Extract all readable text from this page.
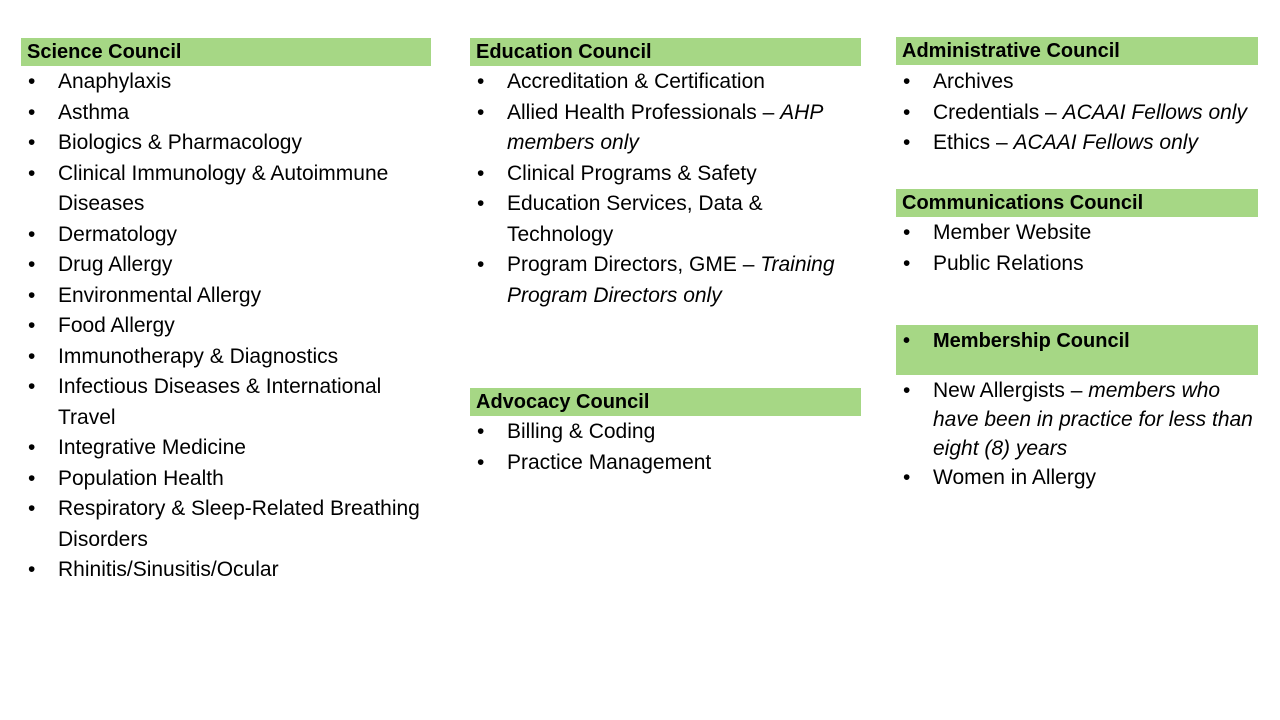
Science Council
• Anaphylaxis
• Asthma
• Biologics & Pharmacology
• Clinical Immunology & Autoimmune Diseases
• Dermatology
• Drug Allergy
• Environmental Allergy
• Food Allergy
• Immunotherapy & Diagnostics
• Infectious Diseases & International Travel
• Integrative Medicine
• Population Health
• Respiratory & Sleep-Related Breathing Disorders
• Rhinitis/Sinusitis/Ocular
Education Council
• Accreditation & Certification
• Allied Health Professionals – AHP members only
• Clinical Programs & Safety
• Education Services, Data & Technology
• Program Directors, GME – Training Program Directors only
Advocacy Council
• Billing & Coding
• Practice Management
Administrative Council
• Archives
• Credentials – ACAAI Fellows only
• Ethics – ACAAI Fellows only
Communications Council
• Member Website
• Public Relations
• Membership Council
• New Allergists – members who have been in practice for less than eight (8) years
• Women in Allergy
